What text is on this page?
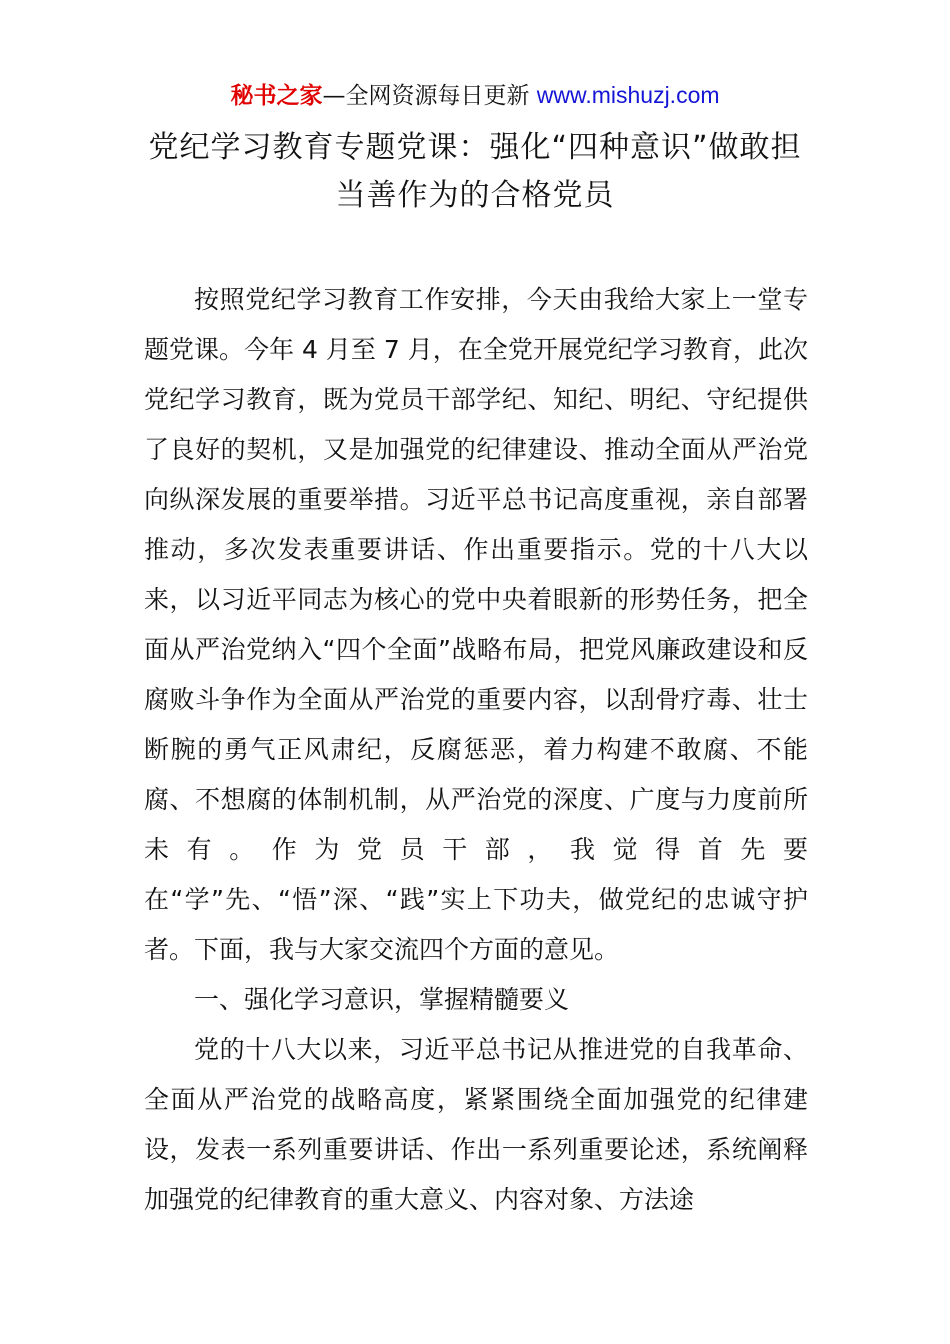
秘书之家—全网资源每日更新 www.mishuzj.com
党纪学习教育专题党课：强化“四种意识”做敢担当善作为的合格党员

按照党纪学习教育工作安排，今天由我给大家上一堂专题党课。今年 4 月至 7 月，在全党开展党纪学习教育，此次党纪学习教育，既为党员干部学纪、知纪、明纪、守纪提供了良好的契机，又是加强党的纪律建设、推动全面从严治党向纵深发展的重要举措。习近平总书记高度重视，亲自部署推动，多次发表重要讲话、作出重要指示。党的十八大以来，以习近平同志为核心的党中央着眼新的形势任务，把全面从严治党纳入“四个全面”战略布局，把党风廉政建设和反腐败斗争作为全面从严治党的重要内容，以刮骨疗毒、壮士断腕的勇气正风肃纪，反腐惩恶，着力构建不敢腐、不能腐、不想腐的体制机制，从严治党的深度、广度与力度前所未有。作为党员干部，我觉得首先要在“学”先、“悟”深、“践”实上下功夫，做党纪的忠诚守护者。下面，我与大家交流四个方面的意见。

一、强化学习意识，掌握精髓要义

党的十八大以来，习近平总书记从推进党的自我革命、全面从严治党的战略高度，紧紧围绕全面加强党的纪律建设，发表一系列重要讲话、作出一系列重要论述，系统阐释加强党的纪律教育的重大意义、内容对象、方法途
